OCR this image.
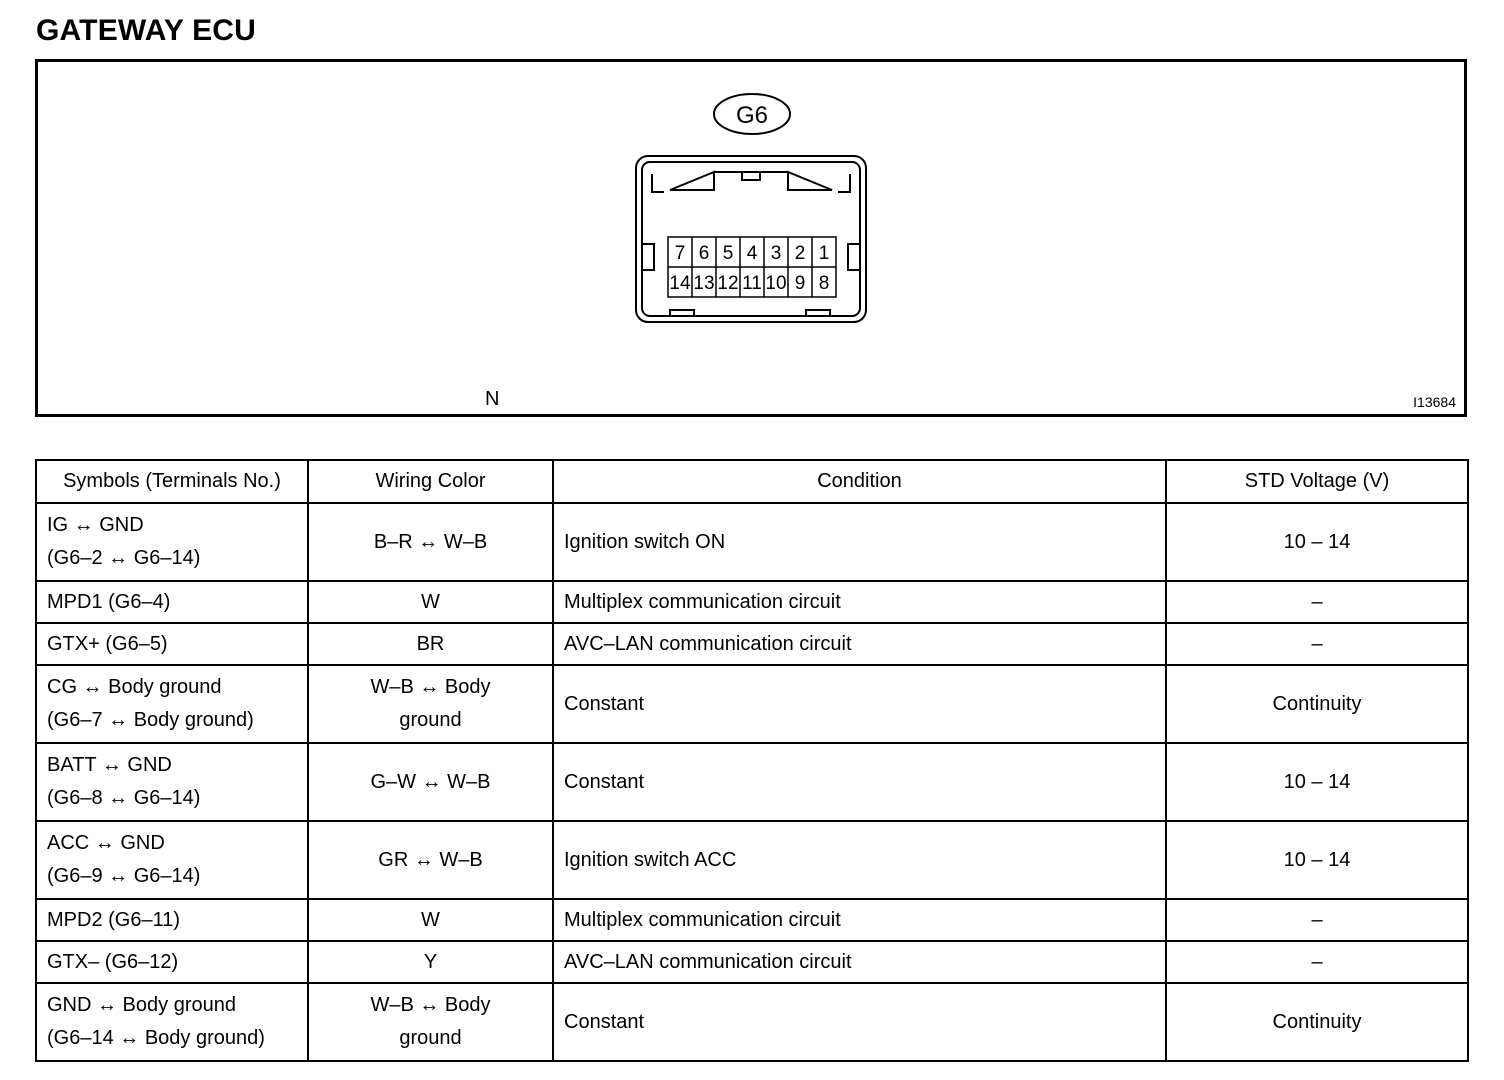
GATEWAY ECU
G6
7 6 5 4 3 2 1
14 13 12 11 10 9 8
N	I13684
Symbols (Terminals No.)	Wiring Color	Condition	STD Voltage (V)

IG ↔ GND
(G6–2 ↔ G6–14)	B–R ↔ W–B	Ignition switch ON	10 – 14

MPD1 (G6–4)	W	Multiplex communication circuit	–

GTX+ (G6–5)	BR	AVC–LAN communication circuit	–

CG ↔ Body ground
(G6–7 ↔ Body ground)	W–B ↔ Body
ground	Constant	Continuity

BATT ↔ GND
(G6–8 ↔ G6–14)	G–W ↔ W–B	Constant	10 – 14

ACC ↔ GND
(G6–9 ↔ G6–14)	GR ↔ W–B	Ignition switch ACC	10 – 14

MPD2 (G6–11)	W	Multiplex communication circuit	–

GTX– (G6–12)	Y	AVC–LAN communication circuit	–

GND ↔ Body ground
(G6–14 ↔ Body ground)	W–B ↔ Body
ground	Constant	Continuity
